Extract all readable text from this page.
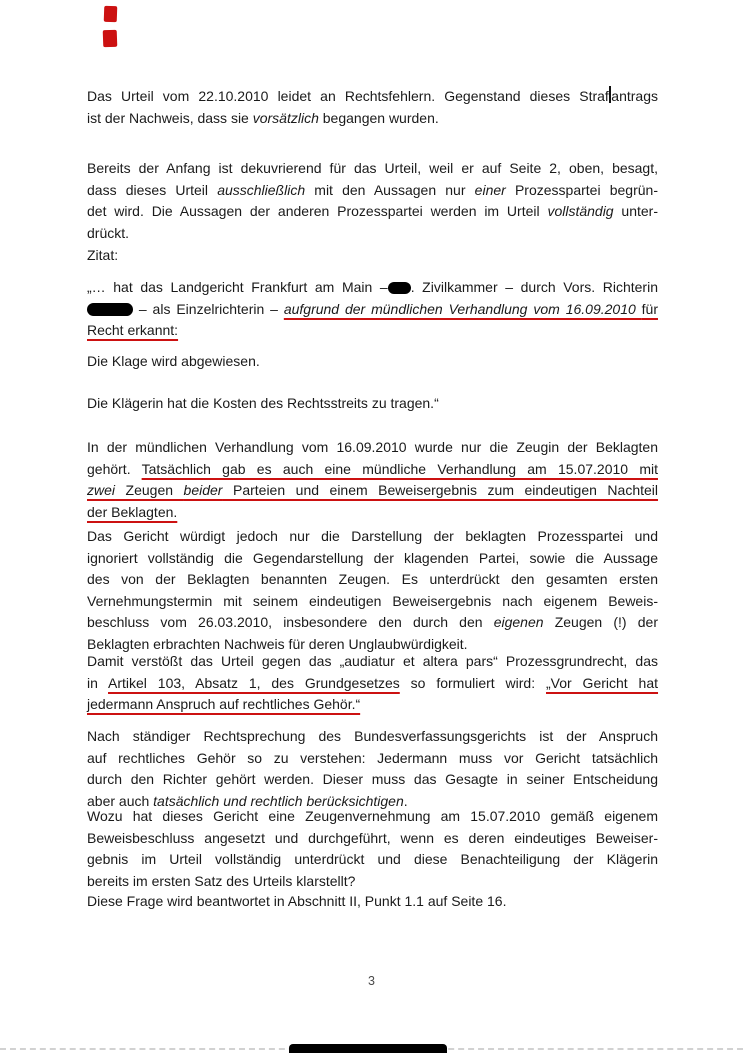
Das Urteil vom 22.10.2010 leidet an Rechtsfehlern. Gegenstand dieses Straf antrags
ist der Nachweis, dass sie vorsätzlich begangen wurden.
Bereits der Anfang ist dekuvrierend für das Urteil, weil er auf Seite 2, oben, besagt,
dass dieses Urteil ausschließlich mit den Aussagen nur einer Prozesspartei begrün-
det wird. Die Aussagen der anderen Prozesspartei werden im Urteil vollständig unter-
drückt.
Zitat:
„… hat das Landgericht Frankfurt am Main – . Zivilkammer – durch Vors. Richterin
– als Einzelrichterin – aufgrund der mündlichen Verhandlung vom 16.09.2010 für
Recht erkannt:
Die Klage wird abgewiesen.
Die Klägerin hat die Kosten des Rechtsstreits zu tragen.“
In der mündlichen Verhandlung vom 16.09.2010 wurde nur die Zeugin der Beklagten
gehört. Tatsächlich gab es auch eine mündliche Verhandlung am 15.07.2010 mit
zwei Zeugen beider Parteien und einem Beweisergebnis zum eindeutigen Nachteil
der Beklagten.
Das Gericht würdigt jedoch nur die Darstellung der beklagten Prozesspartei und
ignoriert vollständig die Gegendarstellung der klagenden Partei, sowie die Aussage
des von der Beklagten benannten Zeugen. Es unterdrückt den gesamten ersten
Vernehmungstermin mit seinem eindeutigen Beweisergebnis nach eigenem Beweis-
beschluss vom 26.03.2010, insbesondere den durch den eigenen Zeugen (!) der
Beklagten erbrachten Nachweis für deren Unglaubwürdigkeit.
Damit verstößt das Urteil gegen das „audiatur et altera pars“ Prozessgrundrecht, das
in Artikel 103, Absatz 1, des Grundgesetzes so formuliert wird: „Vor Gericht hat
jedermann Anspruch auf rechtliches Gehör.“
Nach ständiger Rechtsprechung des Bundesverfassungsgerichts ist der Anspruch
auf rechtliches Gehör so zu verstehen: Jedermann muss vor Gericht tatsächlich
durch den Richter gehört werden. Dieser muss das Gesagte in seiner Entscheidung
aber auch tatsächlich und rechtlich berücksichtigen.
Wozu hat dieses Gericht eine Zeugenvernehmung am 15.07.2010 gemäß eigenem
Beweisbeschluss angesetzt und durchgeführt, wenn es deren eindeutiges Beweiser-
gebnis im Urteil vollständig unterdrückt und diese Benachteiligung der Klägerin
bereits im ersten Satz des Urteils klarstellt?
Diese Frage wird beantwortet in Abschnitt II, Punkt 1.1 auf Seite 16.
3
